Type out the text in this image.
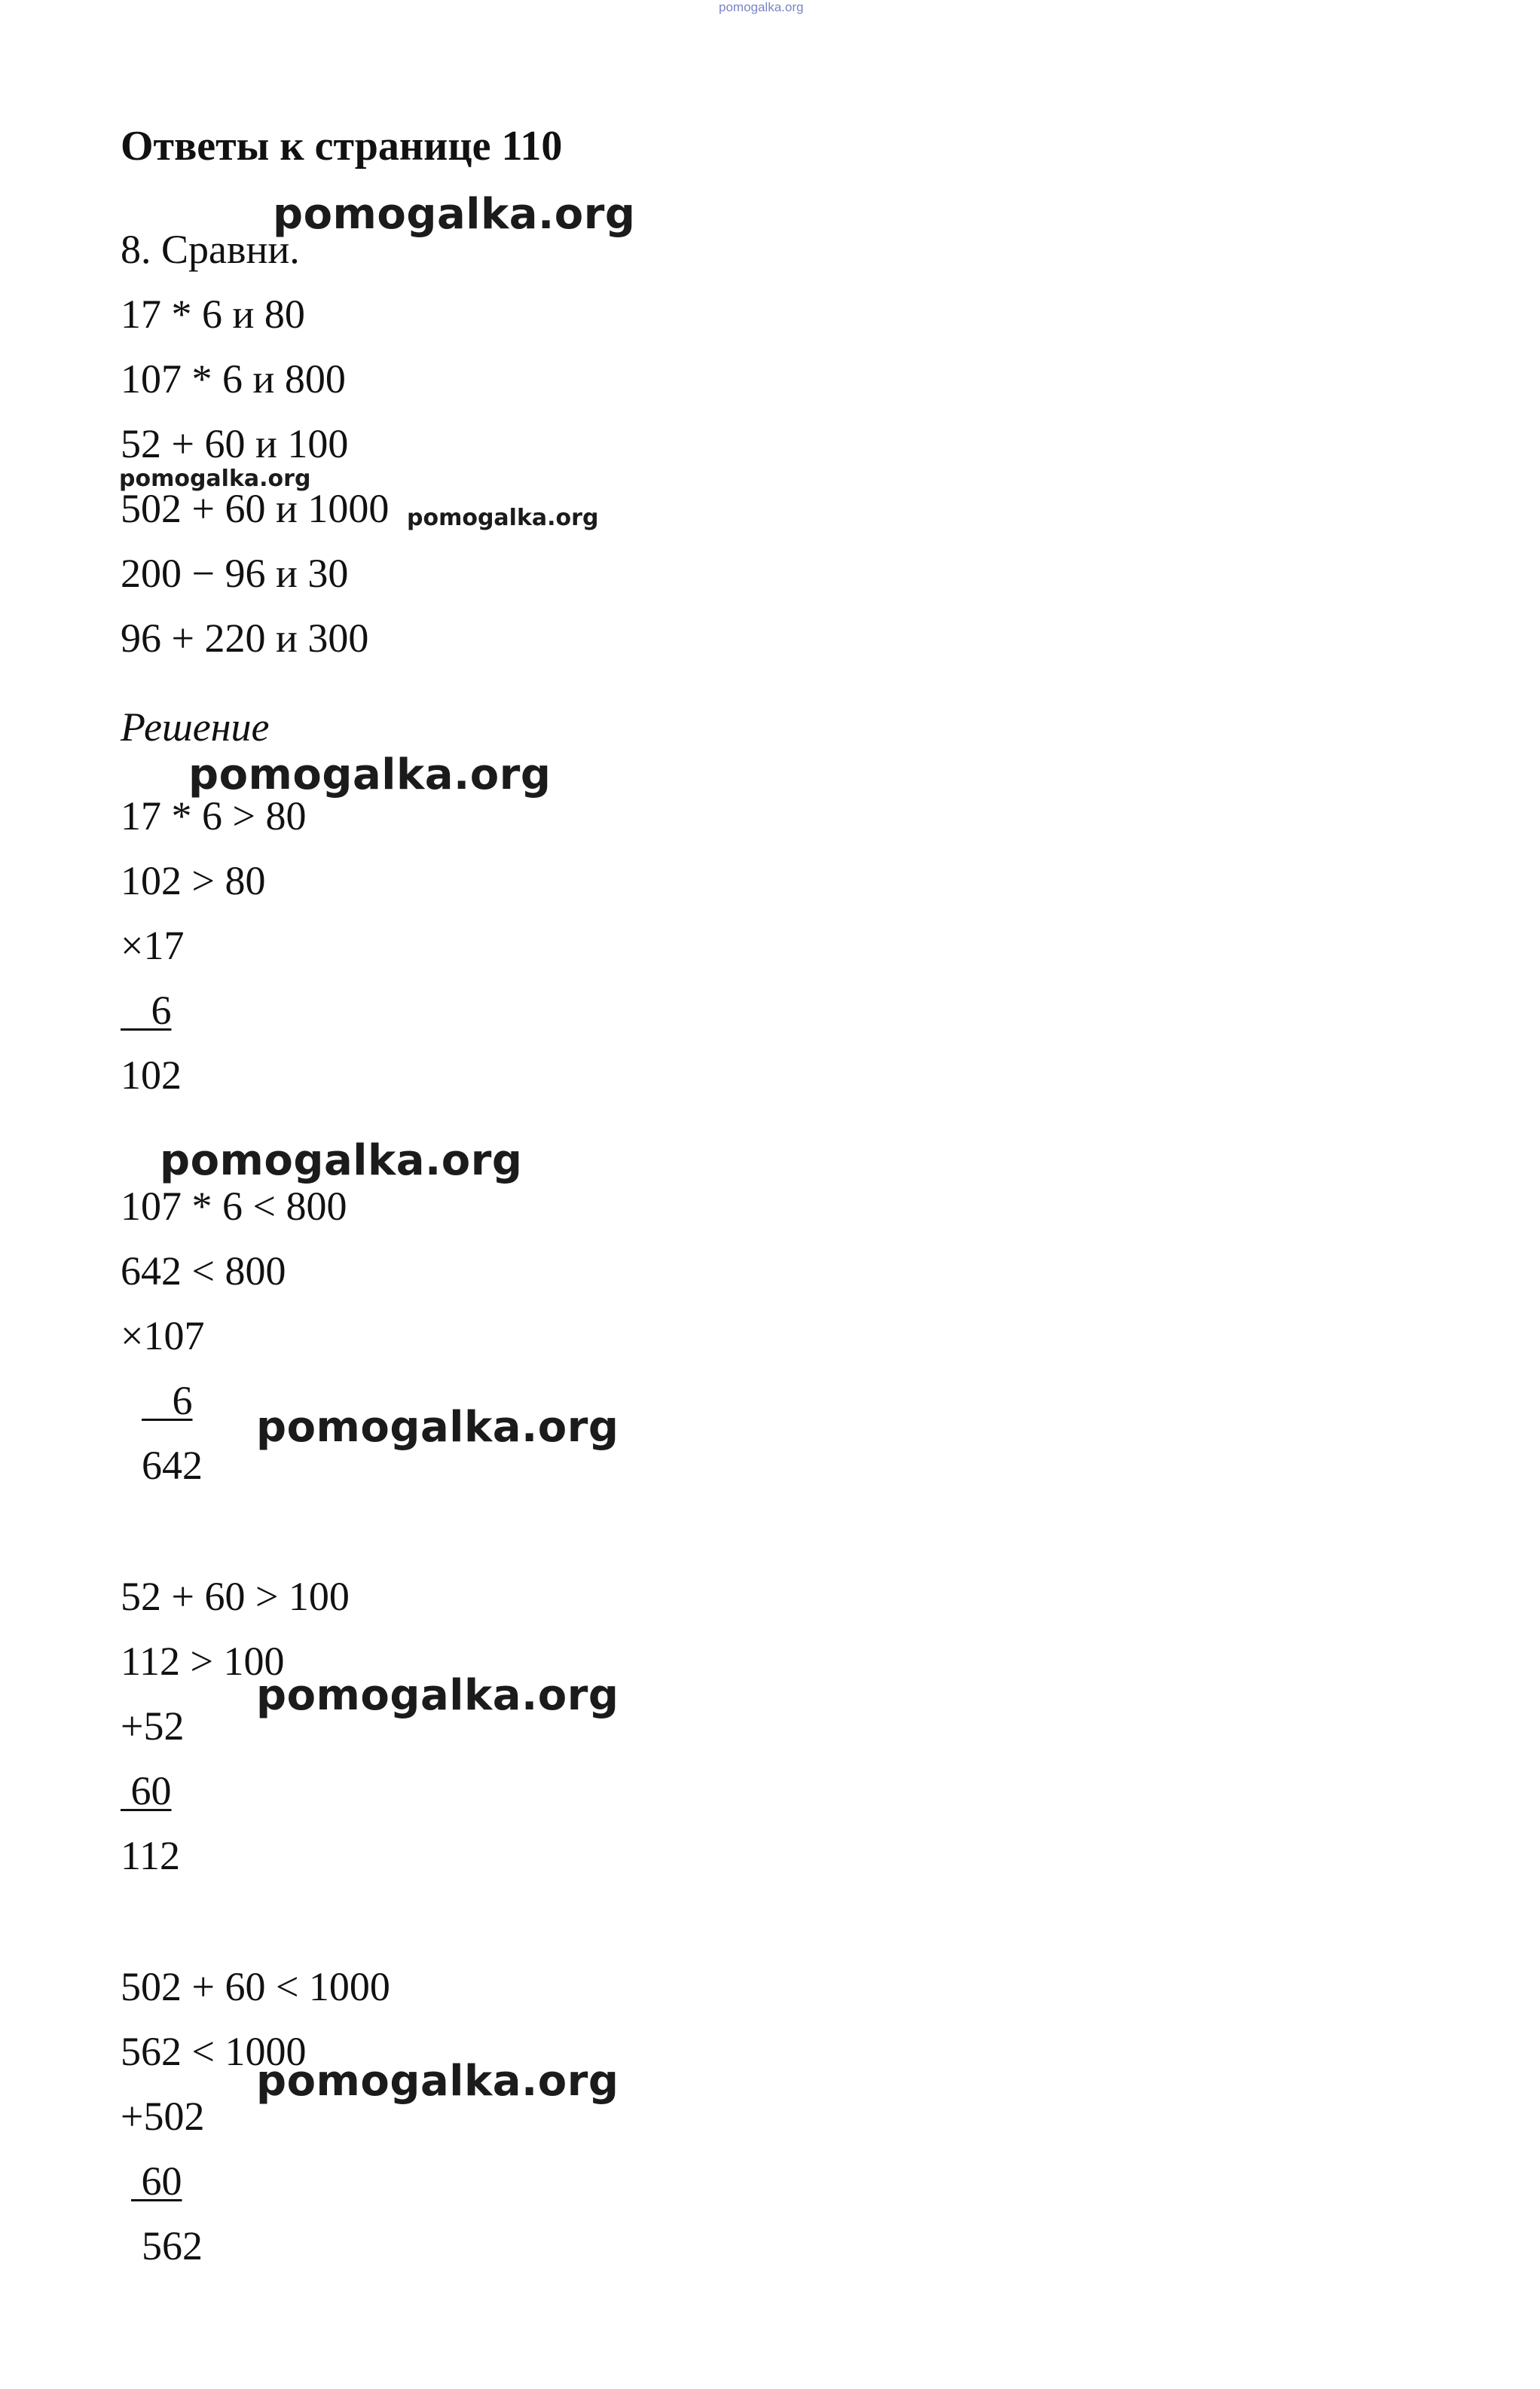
pomogalka.org
Ответы к странице 110
8. Сравни.
17 * 6 и 80
107 * 6 и 800
52 + 60 и 100
502 + 60 и 1000
200 − 96 и 30
96 + 220 и 300
Решение
17 * 6 > 80
102 > 80
×17
6
102
107 * 6 < 800
642 < 800
×107
6
642
52 + 60 > 100
112 > 100
+52
60
112
502 + 60 < 1000
562 < 1000
+502
60
562
pomogalka.org
pomogalka.org
pomogalka.org
pomogalka.org
pomogalka.org
pomogalka.org
pomogalka.org
pomogalka.org
